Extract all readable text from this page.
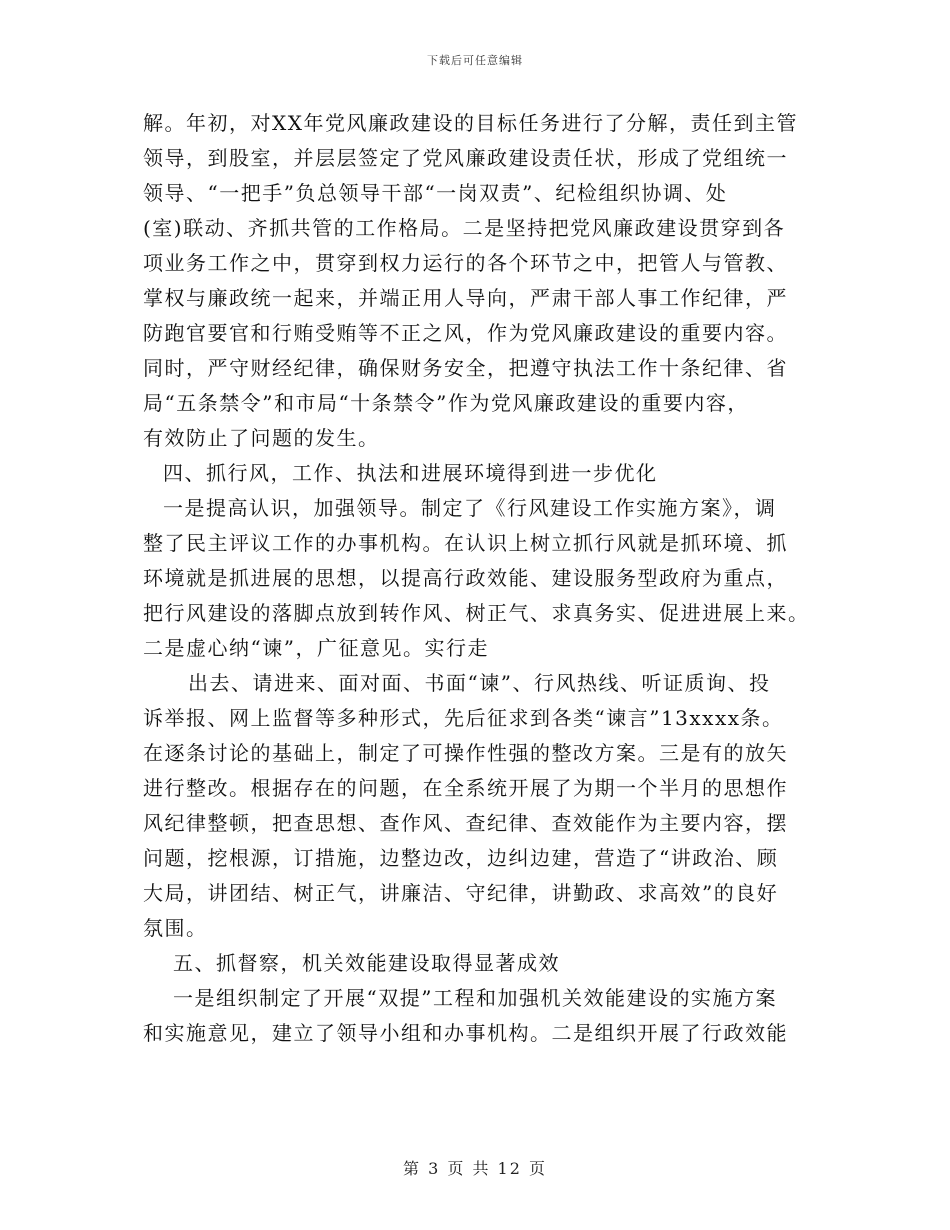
下载后可任意编辑
解。年初，对XX年党风廉政建设的目标任务进行了分解，责任到主管
领导，到股室，并层层签定了党风廉政建设责任状，形成了党组统一
领导、“一把手”负总领导干部“一岗双责”、纪检组织协调、处
(室)联动、齐抓共管的工作格局。二是坚持把党风廉政建设贯穿到各
项业务工作之中，贯穿到权力运行的各个环节之中，把管人与管教、
掌权与廉政统一起来，并端正用人导向，严肃干部人事工作纪律，严
防跑官要官和行贿受贿等不正之风，作为党风廉政建设的重要内容。
同时，严守财经纪律，确保财务安全，把遵守执法工作十条纪律、省
局“五条禁令”和市局“十条禁令”作为党风廉政建设的重要内容，
有效防止了问题的发生。
四、抓行风，工作、执法和进展环境得到进一步优化
一是提高认识，加强领导。制定了《行风建设工作实施方案》，调
整了民主评议工作的办事机构。在认识上树立抓行风就是抓环境、抓
环境就是抓进展的思想，以提高行政效能、建设服务型政府为重点，
把行风建设的落脚点放到转作风、树正气、求真务实、促进进展上来。
二是虚心纳“谏”，广征意见。实行走
出去、请进来、面对面、书面“谏”、行风热线、听证质询、投
诉举报、网上监督等多种形式，先后征求到各类“谏言”13xxxx条。
在逐条讨论的基础上，制定了可操作性强的整改方案。三是有的放矢
进行整改。根据存在的问题，在全系统开展了为期一个半月的思想作
风纪律整顿，把查思想、查作风、查纪律、查效能作为主要内容，摆
问题，挖根源，订措施，边整边改，边纠边建，营造了“讲政治、顾
大局，讲团结、树正气，讲廉洁、守纪律，讲勤政、求高效”的良好
氛围。
五、抓督察，机关效能建设取得显著成效
一是组织制定了开展“双提”工程和加强机关效能建设的实施方案
和实施意见，建立了领导小组和办事机构。二是组织开展了行政效能
第 3 页 共 12 页
